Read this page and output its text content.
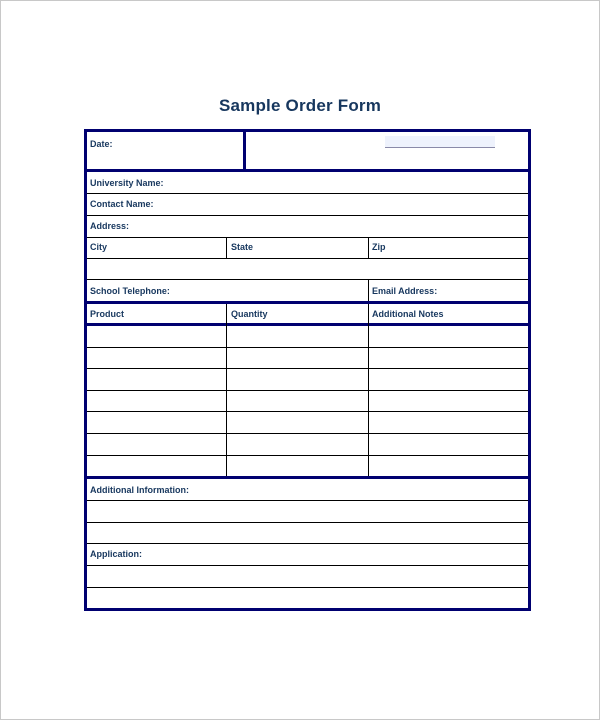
Sample Order Form
Date:
University Name:
Contact Name:
Address:
City	State	Zip
School Telephone:	Email Address:
Product	Quantity	Additional Notes
Additional Information:
Application:
